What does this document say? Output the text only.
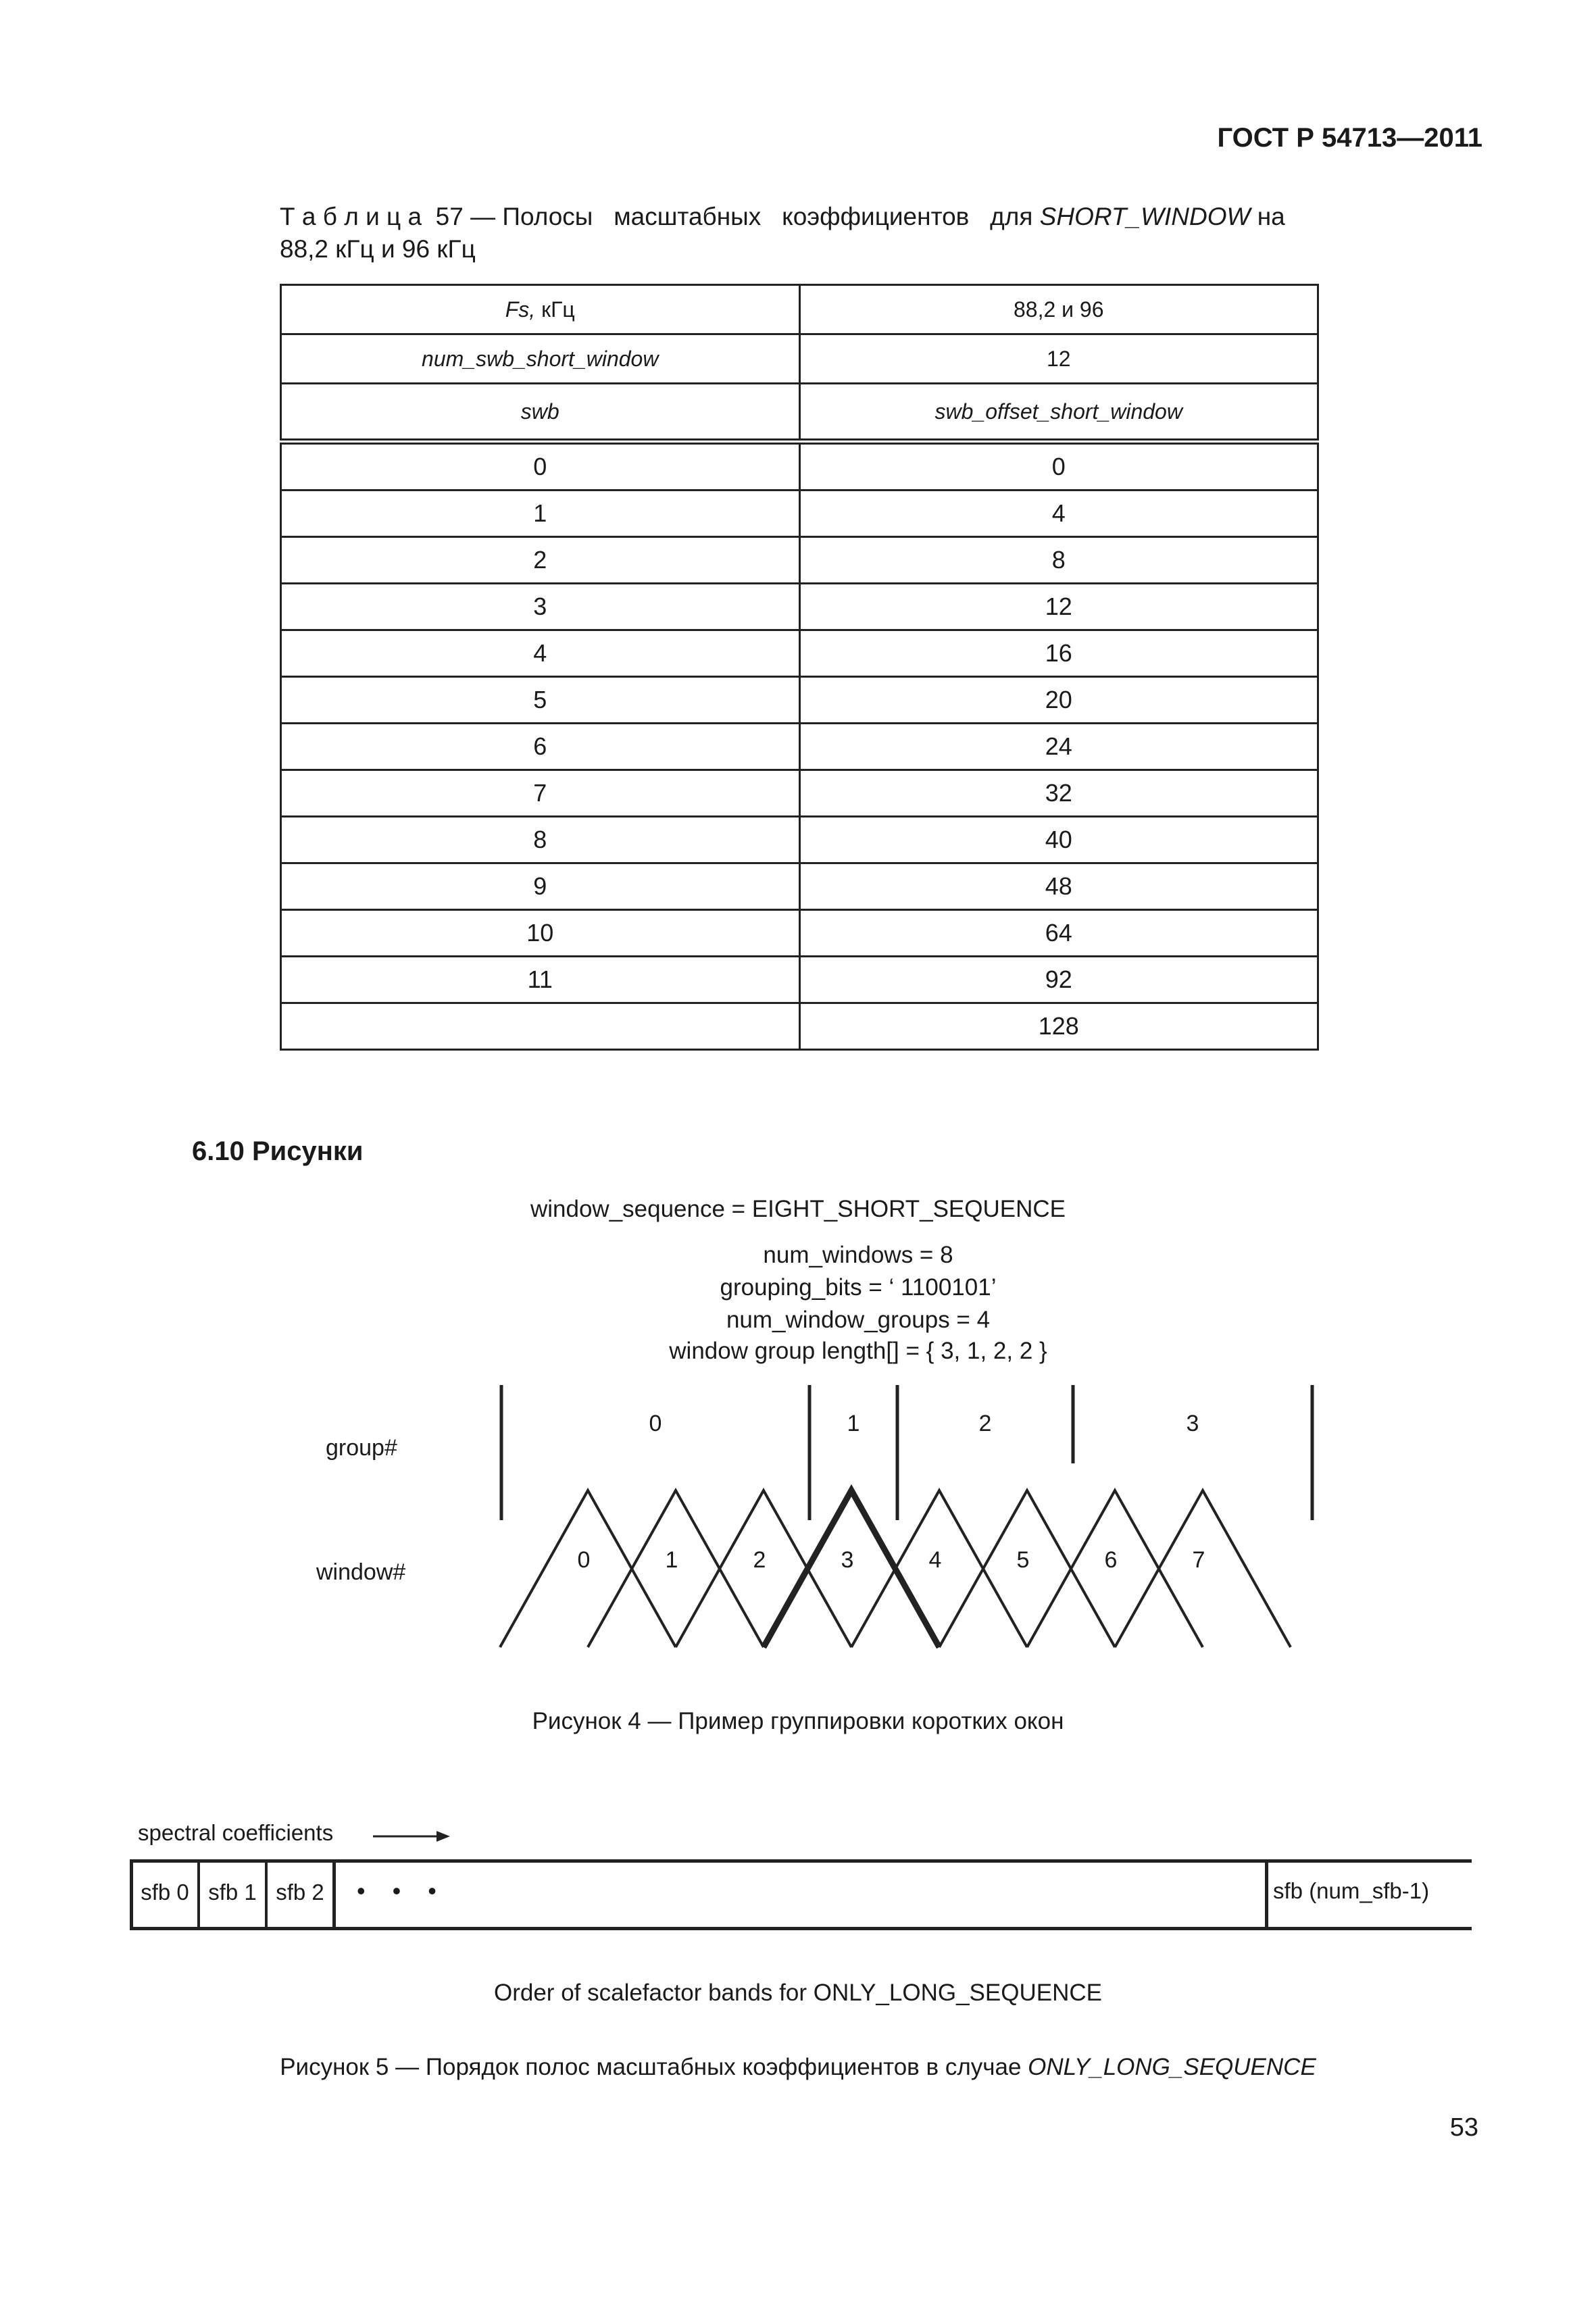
ГОСТ Р 54713—2011
Т а б л и ц а  57 — Полосы   масштабных   коэффициентов   для SHORT_WINDOW на
88,2 кГц и 96 кГц
Fs, кГц	88,2 и 96
num_swb_short_window	12
swb	swb_offset_short_window
0	0
1	4
2	8
3	12
4	16
5	20
6	24
7	32
8	40
9	48
10	64
11	92
	128
6.10 Рисунки
window_sequence = EIGHT_SHORT_SEQUENCE
num_windows = 8
grouping_bits = ‘ 1100101’
num_window_groups = 4
window group length[] = { 3, 1, 2, 2 }
group#
window#
0	1	2	3
0	1	2	3	4	5	6	7
Рисунок 4 — Пример группировки коротких окон
spectral coefficients
sfb 0 sfb 1 sfb 2	•    •    •	sfb (num_sfb-1)
Order of scalefactor bands for ONLY_LONG_SEQUENCE
Рисунок 5 — Порядок полос масштабных коэффициентов в случае ONLY_LONG_SEQUENCE
53
